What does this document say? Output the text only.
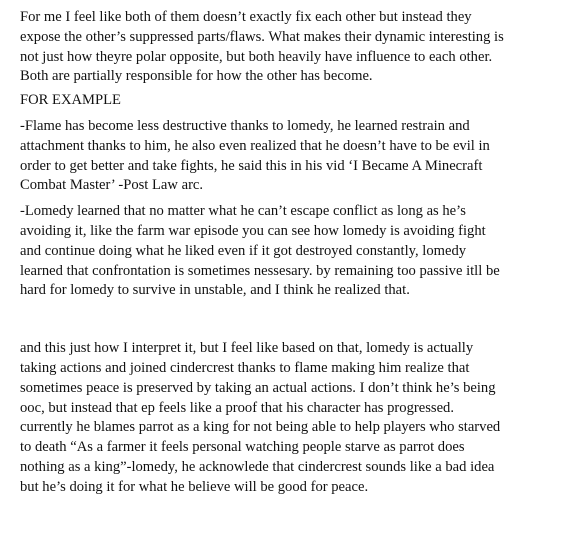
For me I feel like both of them doesn’t exactly fix each other but instead they
expose the other’s suppressed parts/flaws. What makes their dynamic interesting is
not just how theyre polar opposite, but both heavily have influence to each other.
Both are partially responsible for how the other has become.

FOR EXAMPLE

-Flame has become less destructive thanks to lomedy, he learned restrain and
attachment thanks to him, he also even realized that he doesn’t have to be evil in
order to get better and take fights, he said this in his vid ‘I Became A Minecraft
Combat Master’ -Post Law arc.

-Lomedy learned that no matter what he can’t escape conflict as long as he’s
avoiding it, like the farm war episode you can see how lomedy is avoiding fight
and continue doing what he liked even if it got destroyed constantly, lomedy
learned that confrontation is sometimes nessesary. by remaining too passive itll be
hard for lomedy to survive in unstable, and I think he realized that.

and this just how I interpret it, but I feel like based on that, lomedy is actually
taking actions and joined cindercrest thanks to flame making him realize that
sometimes peace is preserved by taking an actual actions. I don’t think he’s being
ooc, but instead that ep feels like a proof that his character has progressed.
currently he blames parrot as a king for not being able to help players who starved
to death “As a farmer it feels personal watching people starve as parrot does
nothing as a king”-lomedy, he acknowlede that cindercrest sounds like a bad idea
but he’s doing it for what he believe will be good for peace.
